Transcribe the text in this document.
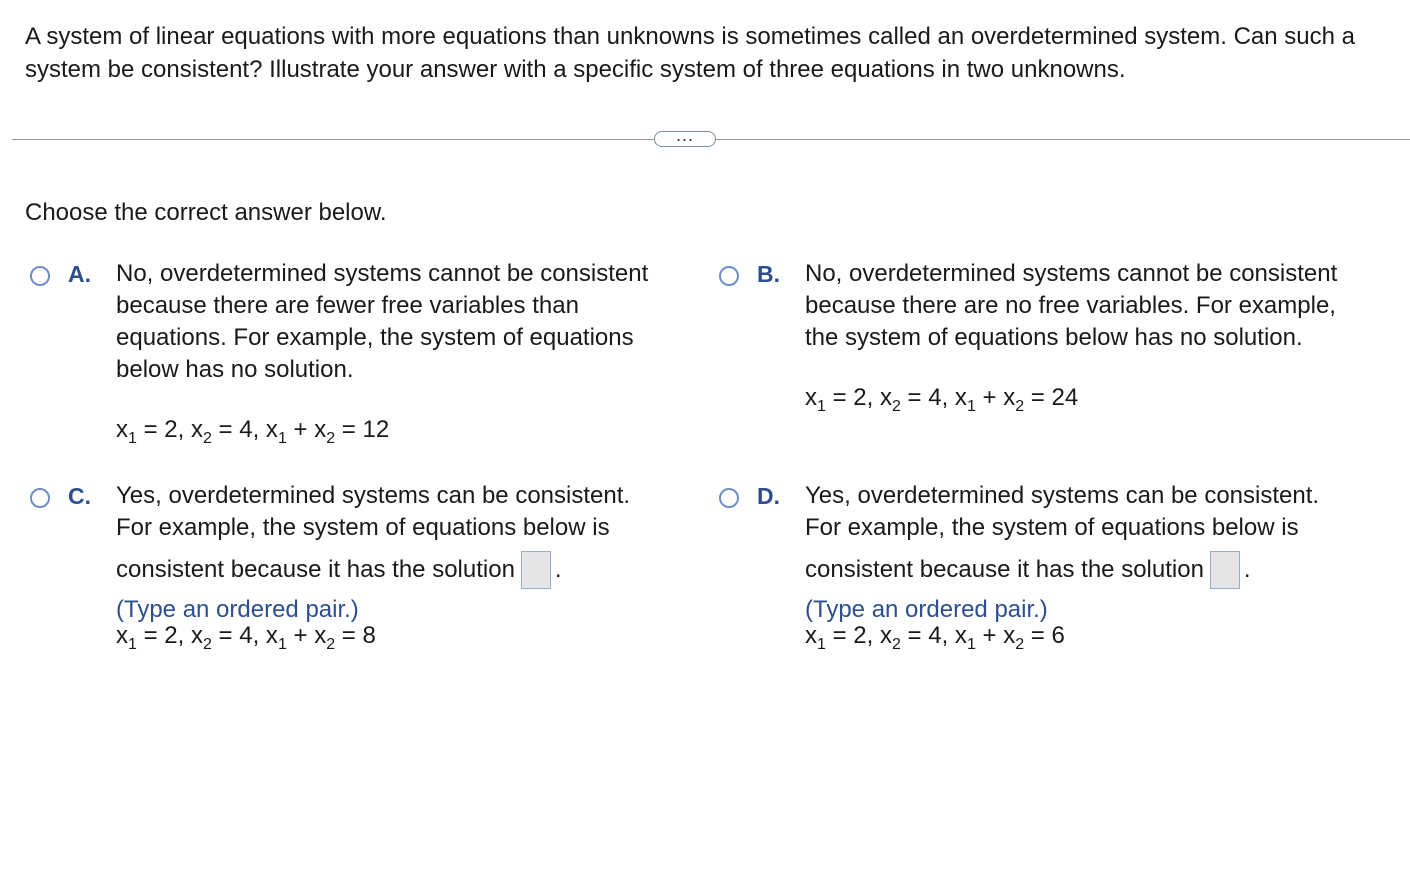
A system of linear equations with more equations than unknowns is sometimes called an overdetermined system. Can such a system be consistent? Illustrate your answer with a specific system of three equations in two unknowns.
...
Choose the correct answer below.
A. No, overdetermined systems cannot be consistent

because there are fewer free variables than

equations. For example, the system of equations

below has no solution.

$x_1 = 2$, $x_2 = 4$, $x_1 + x_2 = 12$
B. No, overdetermined systems cannot be consistent

because there are no free variables. For example,

the system of equations below has no solution.

$x_1 = 2$, $x_2 = 4$, $x_1 + x_2 = 24$
C. Yes, overdetermined systems can be consistent.

For example, the system of equations below is

consistent because it has the solution .

(Type an ordered pair.)

$x_1 = 2$, $x_2 = 4$, $x_1 + x_2 = 8$
D. Yes, overdetermined systems can be consistent.

For example, the system of equations below is

consistent because it has the solution .

(Type an ordered pair.)

$x_1 = 2$, $x_2 = 4$, $x_1 + x_2 = 6$
